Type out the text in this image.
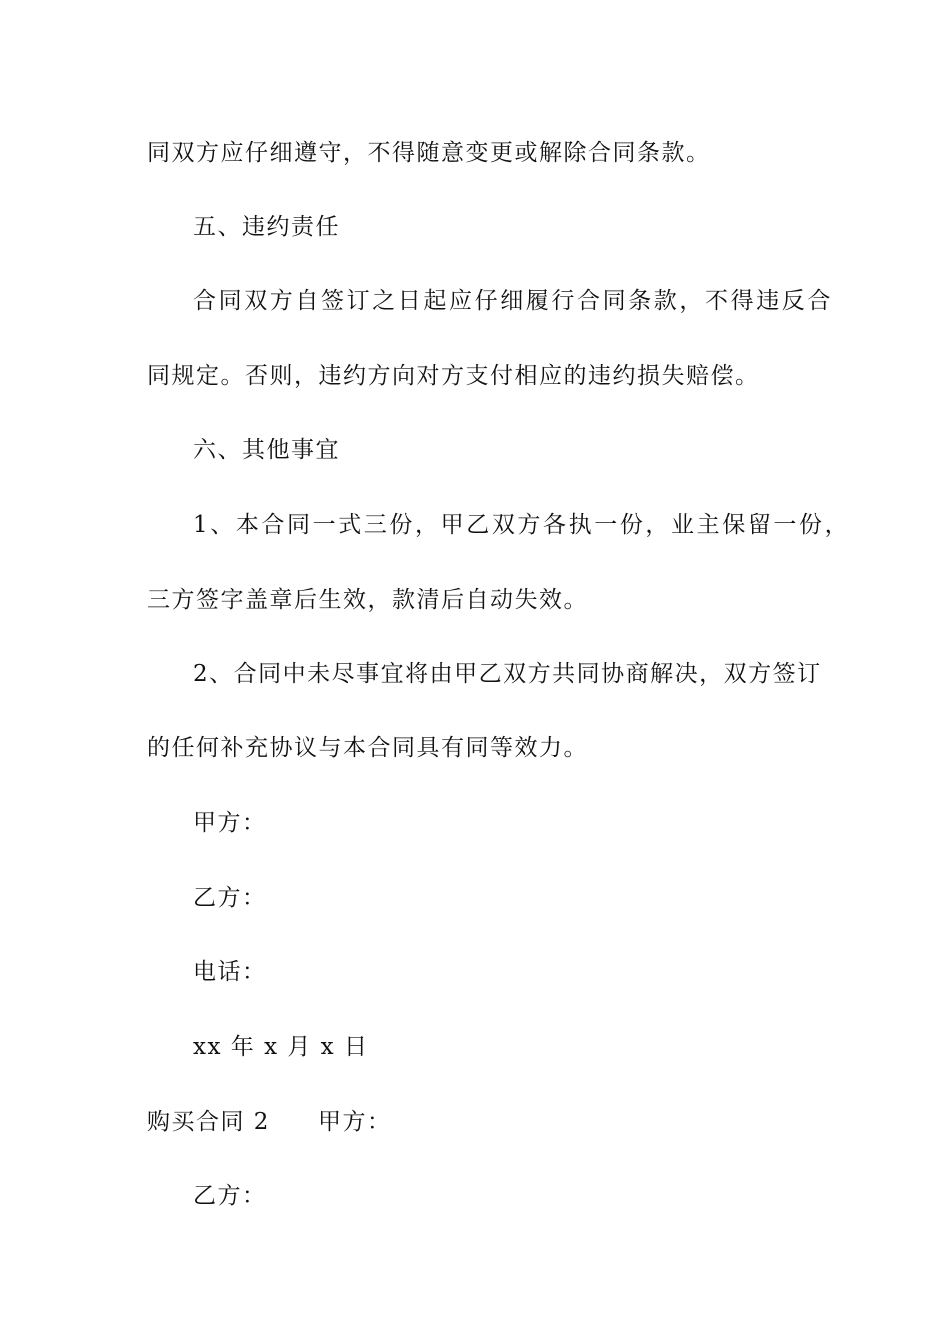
同双方应仔细遵守，不得随意变更或解除合同条款。
五、违约责任
合同双方自签订之日起应仔细履行合同条款，不得违反合
同规定。否则，违约方向对方支付相应的违约损失赔偿。
六、其他事宜
1、本合同一式三份，甲乙双方各执一份，业主保留一份，
三方签字盖章后生效，款清后自动失效。
2、合同中未尽事宜将由甲乙双方共同协商解决，双方签订
的任何补充协议与本合同具有同等效力。
甲方：
乙方：
电话：
xx 年 x 月 x 日
购买合同 2 甲方：
乙方：
